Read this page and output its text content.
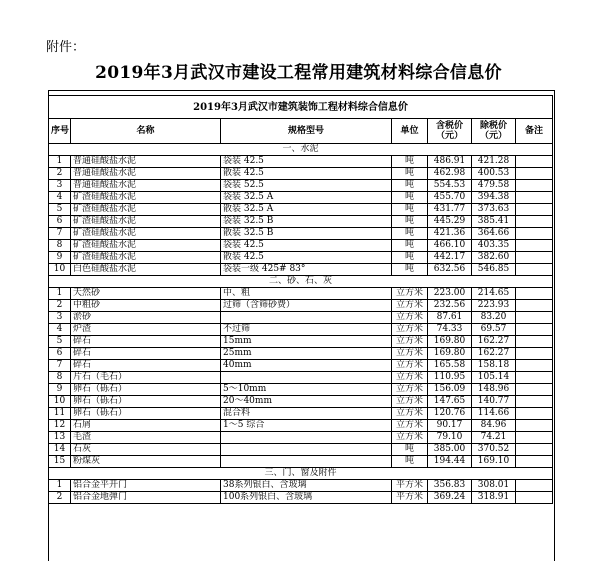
附件：
2019年3月武汉市建设工程常用建筑材料综合信息价
2019年3月武汉市建筑装饰工程材料综合信息价						
序号	名称	规格型号	单位	含税价（元）	除税价（元）	备注
一、水泥						
1	普通硅酸盐水泥	袋装 42.5	吨	486.91	421.28	
2	普通硅酸盐水泥	散装 42.5	吨	462.98	400.53	
3	普通硅酸盐水泥	袋装 52.5	吨	554.53	479.58	
4	矿渣硅酸盐水泥	袋装 32.5 A	吨	455.70	394.38	
5	矿渣硅酸盐水泥	散装 32.5 A	吨	431.77	373.63	
6	矿渣硅酸盐水泥	袋装 32.5 B	吨	445.29	385.41	
7	矿渣硅酸盐水泥	散装 32.5 B	吨	421.36	364.66	
8	矿渣硅酸盐水泥	袋装 42.5	吨	466.10	403.35	
9	矿渣硅酸盐水泥	散装 42.5	吨	442.17	382.60	
10	白色硅酸盐水泥	袋装一级 425# 83°	吨	632.56	546.85	
二、砂、石、灰						
1	天然砂	中、粗	立方米	223.00	214.65	
2	中粗砂	过筛（含筛砂费）	立方米	232.56	223.93	
3	淤砂		立方米	87.61	83.20	
4	炉渣	不过筛	立方米	74.33	69.57	
5	碎石	15mm	立方米	169.80	162.27	
6	碎石	25mm	立方米	169.80	162.27	
7	碎石	40mm	立方米	165.58	158.18	
8	片石（毛石）		立方米	110.95	105.14	
9	卵石（砾石）	5～10mm	立方米	156.09	148.96	
10	卵石（砾石）	20～40mm	立方米	147.65	140.77	
11	卵石（砾石）	混合料	立方米	120.76	114.66	
12	石屑	1～5 综合	立方米	90.17	84.96	
13	毛渣		立方米	79.10	74.21	
14	石灰		吨	385.00	370.52	
15	粉煤灰		吨	194.44	169.10	
三、门、窗及附件						
1	铝合金平开门	38系列银白、含玻璃	平方米	356.83	308.01	
2	铝合金地弹门	100系列银白、含玻璃	平方米	369.24	318.91	
